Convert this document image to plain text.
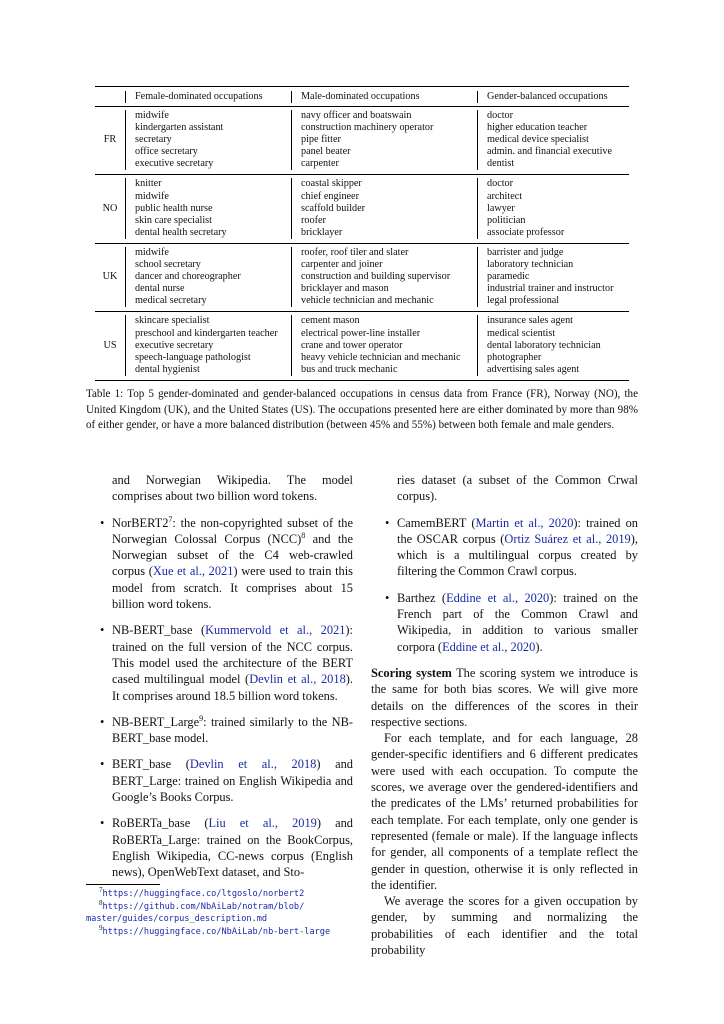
Female-dominated occupations	Male-dominated occupations	Gender-balanced occupations
FR
midwife
kindergarten assistant
secretary
office secretary
executive secretary
navy officer and boatswain
construction machinery operator
pipe fitter
panel beater
carpenter
doctor
higher education teacher
medical device specialist
admin. and financial executive
dentist
NO
knitter
midwife
public health nurse
skin care specialist
dental health secretary
coastal skipper
chief engineer
scaffold builder
roofer
bricklayer
doctor
architect
lawyer
politician
associate professor
UK
midwife
school secretary
dancer and choreographer
dental nurse
medical secretary
roofer, roof tiler and slater
carpenter and joiner
construction and building supervisor
bricklayer and mason
vehicle technician and mechanic
barrister and judge
laboratory technician
paramedic
industrial trainer and instructor
legal professional
US
skincare specialist
preschool and kindergarten teacher
executive secretary
speech-language pathologist
dental hygienist
cement mason
electrical power-line installer
crane and tower operator
heavy vehicle technician and mechanic
bus and truck mechanic
insurance sales agent
medical scientist
dental laboratory technician
photographer
advertising sales agent
Table 1: Top 5 gender-dominated and gender-balanced occupations in census data from France (FR), Norway (NO), the United Kingdom (UK), and the United States (US). The occupations presented here are either dominated by more than 98% of either gender, or have a more balanced distribution (between 45% and 55%) between both female and male genders.

and Norwegian Wikipedia. The model comprises about two billion word tokens.

• $NorBERT2^7$: the non-copyrighted subset of the Norwegian Colossal Corpus (NCC)$^8$ and the Norwegian subset of the C4 web-crawled corpus (Xue et al., 2021) were used to train this model from scratch. It comprises about 15 billion word tokens.

• NB-BERT_base (Kummervold et al., 2021): trained on the full version of the NCC corpus. This model used the architecture of the BERT cased multilingual model (Devlin et al., 2018). It comprises around 18.5 billion word tokens.

• NB-BERT_Large$^9$: trained similarly to the NB-BERT_base model.

• BERT_base (Devlin et al., 2018) and BERT_Large: trained on English Wikipedia and Google’s Books Corpus.

• RoBERTa_base (Liu et al., 2019) and RoBERTa_Large: trained on the BookCorpus, English Wikipedia, CC-news corpus (English news), OpenWebText dataset, and Sto-

ries dataset (a subset of the Common Crwal corpus).

• CamemBERT (Martin et al., 2020): trained on the OSCAR corpus (Ortiz Suárez et al., 2019), which is a multilingual corpus created by filtering the Common Crawl corpus.

• Barthez (Eddine et al., 2020): trained on the French part of the Common Crawl and Wikipedia, in addition to various smaller corpora (Eddine et al., 2020).

Scoring system The scoring system we introduce is the same for both bias scores. We will give more details on the differences of the scores in their respective sections.

For each template, and for each language, 28 gender-specific identifiers and 6 different predicates were used with each occupation. To compute the scores, we average over the gendered-identifiers and the predicates of the LMs’ returned probabilities for each template. For each template, only one gender is represented (female or male). If the language inflects for gender, all components of a template reflect the gender in question, otherwise it is only reflected in the identifier.

We average the scores for a given occupation by gender, by summing and normalizing the probabilities of each identifier and the total probability

$^7$https://huggingface.co/ltgoslo/norbert2
$^8$https://github.com/NbAiLab/notram/blob/
master/guides/corpus_description.md
$^9$https://huggingface.co/NbAiLab/nb-bert-large
